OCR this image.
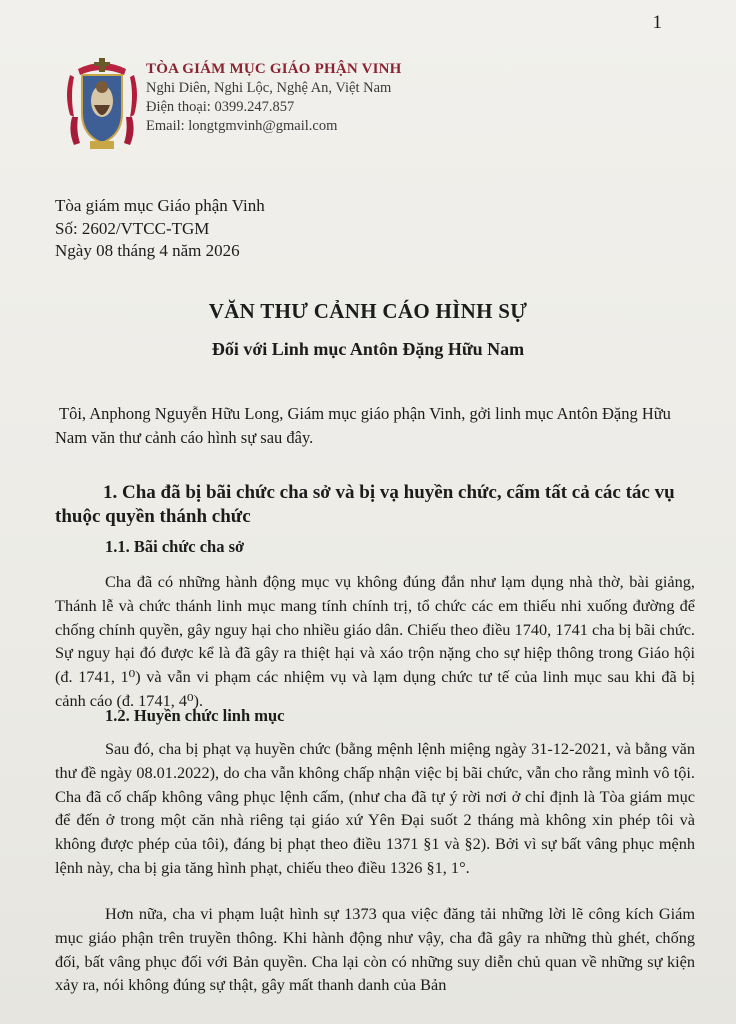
1
TÒA GIÁM MỤC GIÁO PHẬN VINH
Nghi Diên, Nghi Lộc, Nghệ An, Việt Nam
Điện thoại: 0399.247.857
Email: longtgmvinh@gmail.com
Tòa giám mục Giáo phận Vinh
Số: 2602/VTCC-TGM
Ngày 08 tháng 4 năm 2026
VĂN THƯ CẢNH CÁO HÌNH SỰ
Đối với Linh mục Antôn Đặng Hữu Nam
Tôi, Anphong Nguyễn Hữu Long, Giám mục giáo phận Vinh, gởi linh mục Antôn Đặng Hữu Nam văn thư cảnh cáo hình sự sau đây.
1. Cha đã bị bãi chức cha sở và bị vạ huyền chức, cấm tất cả các tác vụ thuộc quyền thánh chức
1.1. Bãi chức cha sở
Cha đã có những hành động mục vụ không đúng đắn như lạm dụng nhà thờ, bài giảng, Thánh lễ và chức thánh linh mục mang tính chính trị, tổ chức các em thiếu nhi xuống đường để chống chính quyền, gây nguy hại cho nhiều giáo dân. Chiếu theo điều 1740, 1741 cha bị bãi chức. Sự nguy hại đó được kể là đã gây ra thiệt hại và xáo trộn nặng cho sự hiệp thông trong Giáo hội (đ. 1741, 1⁰) và vẫn vi phạm các nhiệm vụ và lạm dụng chức tư tế của linh mục sau khi đã bị cảnh cáo (đ. 1741, 4⁰).
1.2. Huyền chức linh mục
Sau đó, cha bị phạt vạ huyền chức (bằng mệnh lệnh miệng ngày 31-12-2021, và bằng văn thư đề ngày 08.01.2022), do cha vẫn không chấp nhận việc bị bãi chức, vẫn cho rằng mình vô tội. Cha đã cố chấp không vâng phục lệnh cấm, (như cha đã tự ý rời nơi ở chỉ định là Tòa giám mục để đến ở trong một căn nhà riêng tại giáo xứ Yên Đại suốt 2 tháng mà không xin phép tôi và không được phép của tôi), đáng bị phạt theo điều 1371 §1 và §2). Bởi vì sự bất vâng phục mệnh lệnh này, cha bị gia tăng hình phạt, chiếu theo điều 1326 §1, 1°.
Hơn nữa, cha vi phạm luật hình sự 1373 qua việc đăng tải những lời lẽ công kích Giám mục giáo phận trên truyền thông. Khi hành động như vậy, cha đã gây ra những thù ghét, chống đối, bất vâng phục đối với Bản quyền. Cha lại còn có những suy diễn chủ quan về những sự kiện xảy ra, nói không đúng sự thật, gây mất thanh danh của Bản
